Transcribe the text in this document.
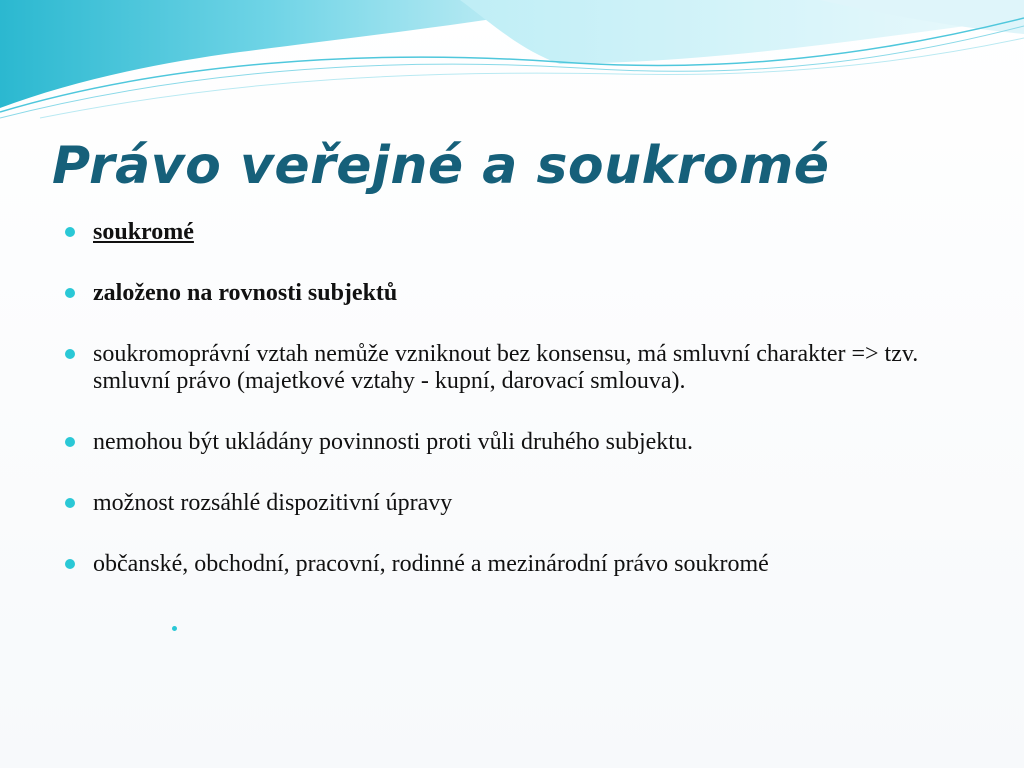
Právo veřejné a soukromé
soukromé
založeno na rovnosti subjektů
soukromoprávní vztah nemůže vzniknout bez konsensu, má smluvní charakter => tzv. smluvní právo (majetkové vztahy - kupní, darovací smlouva).
nemohou být ukládány povinnosti proti vůli druhého subjektu.
možnost rozsáhlé dispozitivní úpravy
občanské, obchodní, pracovní, rodinné a mezinárodní právo soukromé
